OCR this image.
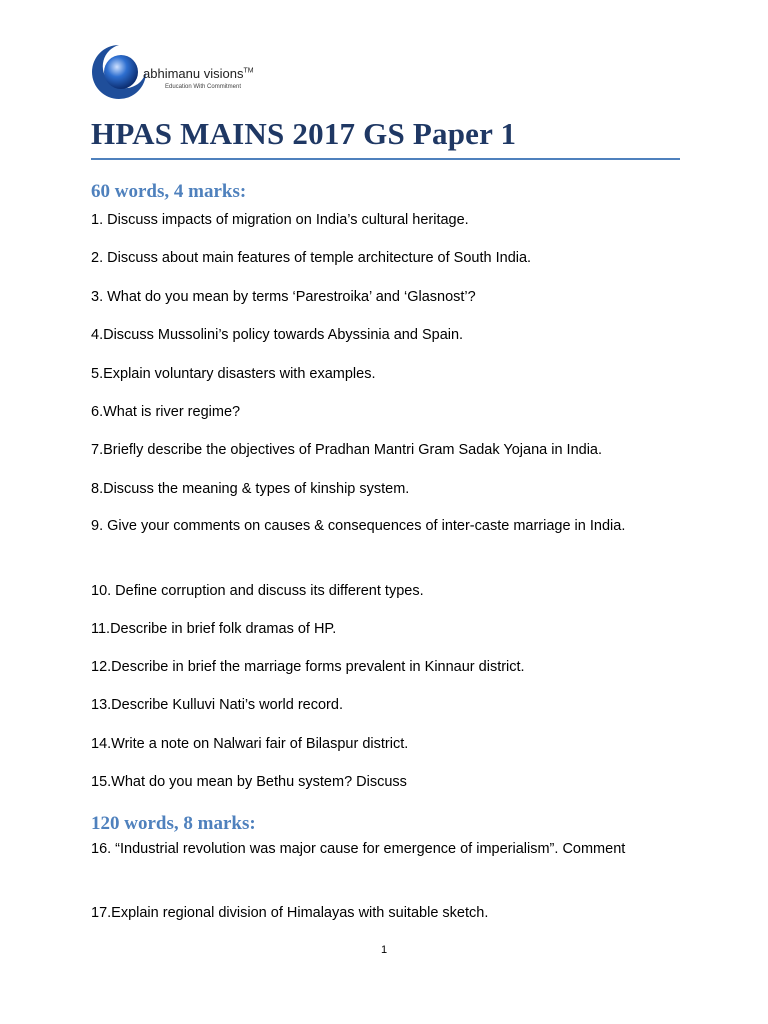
abhimanu visions™
Education With Commitment
HPAS MAINS 2017 GS Paper 1
60 words, 4 marks:

1. Discuss impacts of migration on India’s cultural heritage.

2. Discuss about main features of temple architecture of South India.

3. What do you mean by terms ‘Parestroika’ and ‘Glasnost’?

4.Discuss Mussolini’s policy towards Abyssinia and Spain.

5.Explain voluntary disasters with examples.

6.What is river regime?

7.Briefly describe the objectives of Pradhan Mantri Gram Sadak Yojana in India.

8.Discuss the meaning & types of kinship system.

9. Give your comments on causes & consequences of inter-caste marriage in India.

10. Define corruption and discuss its different types.

11.Describe in brief folk dramas of HP.

12.Describe in brief the marriage forms prevalent in Kinnaur district.

13.Describe Kulluvi Nati’s world record.

14.Write a note on Nalwari fair of Bilaspur district.

15.What do you mean by Bethu system? Discuss

120 words, 8 marks:

16. “Industrial revolution was major cause for emergence of imperialism”. Comment

17.Explain regional division of Himalayas with suitable sketch.

1
